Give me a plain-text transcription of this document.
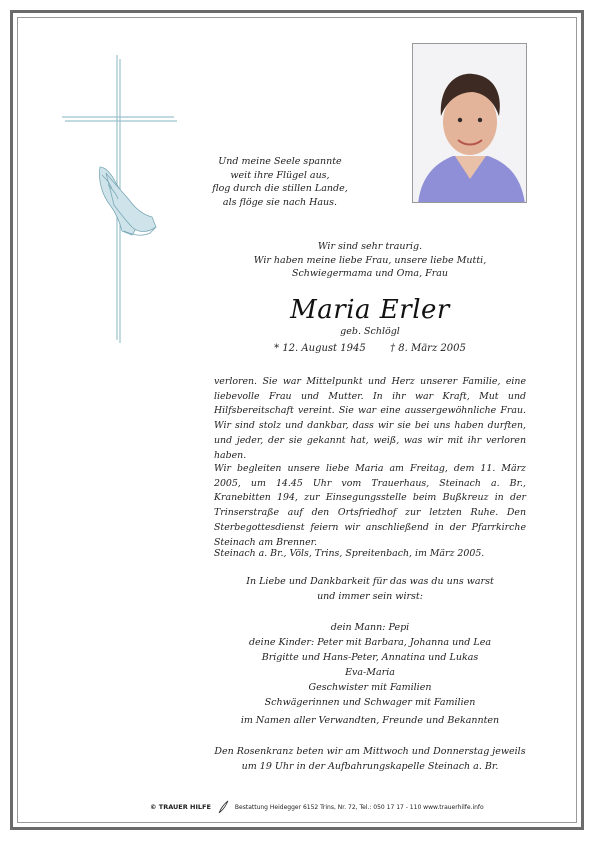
Und meine Seele spannte
weit ihre Flügel aus,
flog durch die stillen Lande,
als flöge sie nach Haus.
Wir sind sehr traurig.
Wir haben meine liebe Frau, unsere liebe Mutti,
Schwiegermama und Oma, Frau
Maria Erler
geb. Schlögl
* 12. August 1945 † 8. März 2005
verloren. Sie war Mittelpunkt und Herz unserer Familie, eine liebevolle Frau und Mutter. In ihr war Kraft, Mut und Hilfsbereitschaft vereint. Sie war eine aussergewöhnliche Frau. Wir sind stolz und dankbar, dass wir sie bei uns haben durften, und jeder, der sie gekannt hat, weiß, was wir mit ihr verloren haben.
Wir begleiten unsere liebe Maria am Freitag, dem 11. März 2005, um 14.45 Uhr vom Trauerhaus, Steinach a. Br., Kranebitten 194, zur Einsegungsstelle beim Bußkreuz in der Trinserstraße auf den Ortsfriedhof zur letzten Ruhe. Den Sterbegottesdienst feiern wir anschließend in der Pfarrkirche Steinach am Brenner.
Steinach a. Br., Völs, Trins, Spreitenbach, im März 2005.
In Liebe und Dankbarkeit für das was du uns warst
und immer sein wirst:
dein Mann: Pepi
deine Kinder: Peter mit Barbara, Johanna und Lea
Brigitte und Hans-Peter, Annatina und Lukas
Eva-Maria
Geschwister mit Familien
Schwägerinnen und Schwager mit Familien
im Namen aller Verwandten, Freunde und Bekannten
Den Rosenkranz beten wir am Mittwoch und Donnerstag jeweils
um 19 Uhr in der Aufbahrungskapelle Steinach a. Br.
© TRAUER HILFE	Bestattung Heidegger 6152 Trins, Nr. 72, Tel.: 050 17 17 - 110 www.trauerhilfe.info
